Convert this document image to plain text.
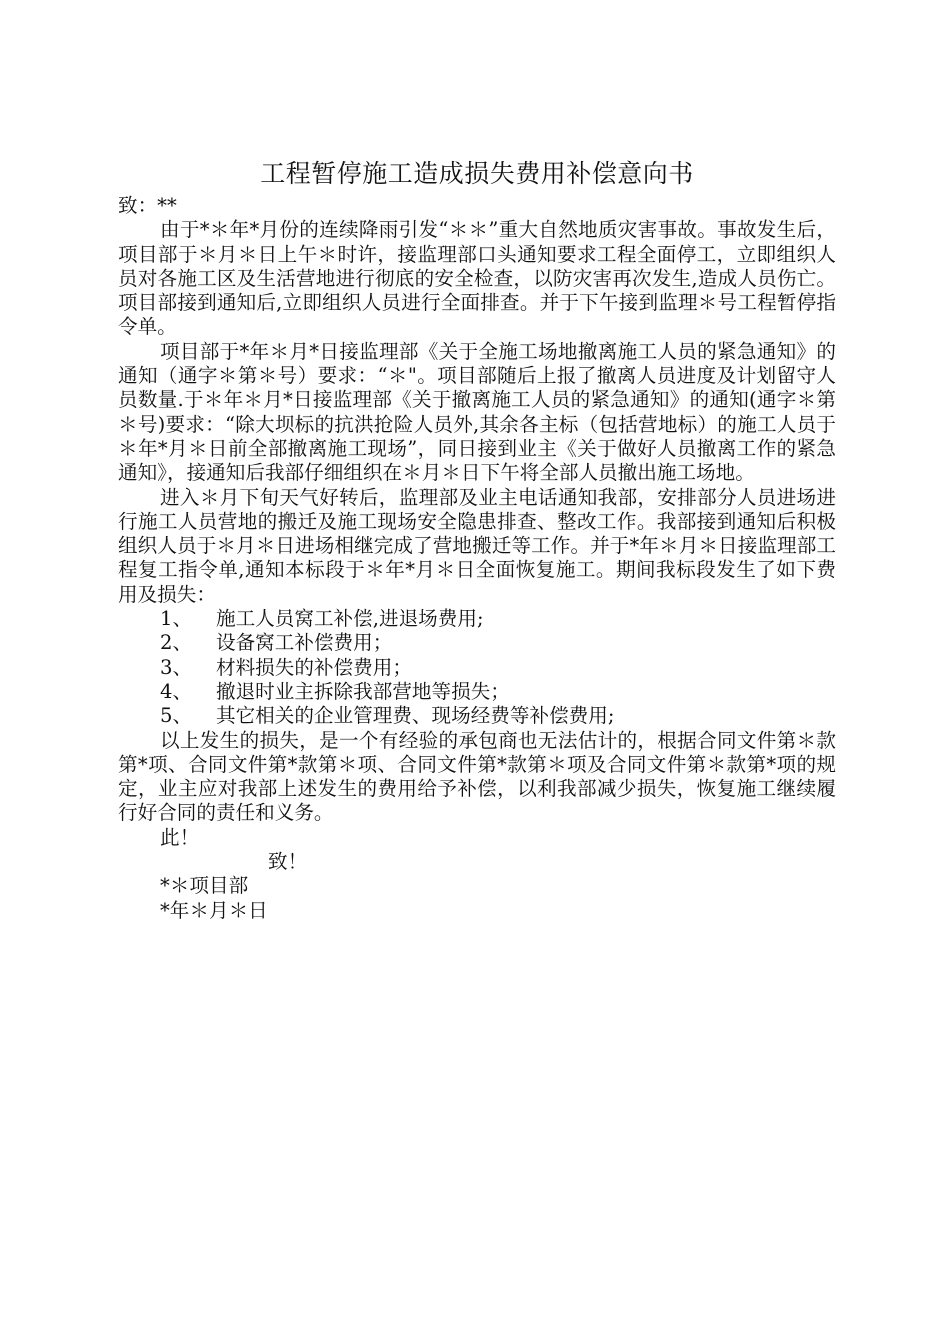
工程暂停施工造成损失费用补偿意向书

致：**

由于*＊年*月份的连续降雨引发“＊＊”重大自然地质灾害事故。事故发生后，项目部于＊月＊日上午＊时许，接监理部口头通知要求工程全面停工，立即组织人员对各施工区及生活营地进行彻底的安全检查，以防灾害再次发生,造成人员伤亡。项目部接到通知后,立即组织人员进行全面排查。并于下午接到监理＊号工程暂停指令单。

项目部于*年＊月*日接监理部《关于全施工场地撤离施工人员的紧急通知》的通知（通字＊第＊号）要求：“＊"。项目部随后上报了撤离人员进度及计划留守人员数量.于＊年＊月*日接监理部《关于撤离施工人员的紧急通知》的通知(通字＊第＊号)要求：“除大坝标的抗洪抢险人员外,其余各主标（包括营地标）的施工人员于＊年*月＊日前全部撤离施工现场”，同日接到业主《关于做好人员撤离工作的紧急通知》，接通知后我部仔细组织在＊月＊日下午将全部人员撤出施工场地。

进入＊月下旬天气好转后，监理部及业主电话通知我部，安排部分人员进场进行施工人员营地的搬迁及施工现场安全隐患排查、整改工作。我部接到通知后积极组织人员于＊月＊日进场相继完成了营地搬迁等工作。并于*年＊月＊日接监理部工程复工指令单,通知本标段于＊年*月＊日全面恢复施工。期间我标段发生了如下费用及损失：

1、 施工人员窝工补偿,进退场费用;

2、 设备窝工补偿费用；

3、 材料损失的补偿费用；

4、 撤退时业主拆除我部营地等损失；

5、 其它相关的企业管理费、现场经费等补偿费用;

以上发生的损失，是一个有经验的承包商也无法估计的，根据合同文件第＊款第*项、合同文件第*款第＊项、合同文件第*款第＊项及合同文件第＊款第*项的规定，业主应对我部上述发生的费用给予补偿，以利我部减少损失，恢复施工继续履行好合同的责任和义务。

此！

致！

*＊项目部

*年＊月＊日
